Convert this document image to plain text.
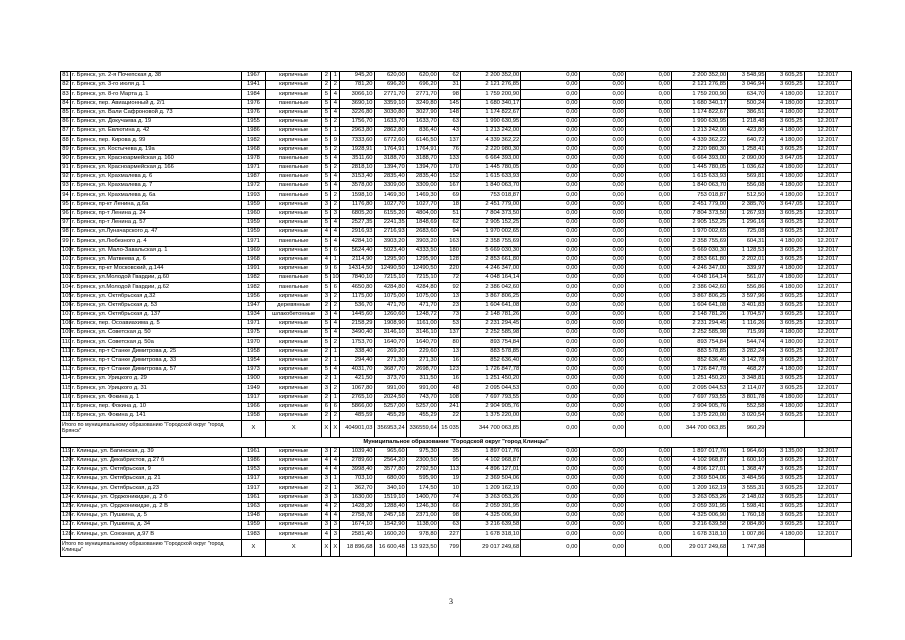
81	г. Брянск, ул. 2-я Почепская д. 38	1967	кирпичные	2	1	945,20	620,00	620,00	62	2 200 352,00	0,00	0,00	0,00	2 200 352,00	3 548,95	3 605,25	12.2017
82	г. Брянск, ул. 3-го июля д. 1	1941	кирпичные	2	2	781,20	696,20	696,20	31	2 121 276,85	0,00	0,00	0,00	2 121 276,85	3 046,94	3 605,25	12.2017
83	г. Брянск, ул. 8-го Марта д. 1	1984	кирпичные	5	4	3066,10	2771,70	2771,70	98	1 759 200,90	0,00	0,00	0,00	1 759 200,90	634,70	4 180,00	12.2017
84	г. Брянск, пер. Авиационный д. 2/1	1976	панельные	5	4	3690,10	3359,10	3249,80	145	1 680 340,17	0,00	0,00	0,00	1 680 340,17	500,24	4 180,00	12.2017
85	г. Брянск, ул. Вали Сафроновой д. 73	1976	кирпичные	5	4	3226,80	3030,80	3027,90	148	1 174 822,67	0,00	0,00	0,00	1 174 822,67	386,51	4 180,00	12.2017
86	г. Брянск, ул. Докучаева д. 19	1955	кирпичные	5	2	1756,70	1633,70	1633,70	63	1 990 630,95	0,00	0,00	0,00	1 990 630,95	1 218,48	3 605,25	12.2017
87	г. Брянск, ул. Евлютина д. 42	1986	кирпичные	5	1	2963,80	2862,80	836,40	43	1 213 242,00	0,00	0,00	0,00	1 213 242,00	423,80	4 180,00	12.2017
88	г. Брянск, пер. Кирова д. 99	1982	кирпичные	5	9	7333,60	6772,60	6146,50	137	4 339 362,22	0,00	0,00	0,00	4 339 362,22	640,72	4 180,00	12.2017
89	г. Брянск, ул. Костычева д. 19а	1968	кирпичные	5	2	1928,91	1764,91	1764,91	76	2 220 980,30	0,00	0,00	0,00	2 220 980,30	1 258,41	3 605,25	12.2017
90	г. Брянск, ул. Красноармейская д. 160	1978	панельные	5	4	3511,60	3188,70	3188,70	133	6 664 393,00	0,00	0,00	0,00	6 664 393,00	2 090,00	3 647,05	12.2017
91	г. Брянск, ул. Красноармейская д. 166	1971	панельные	5	2	2818,10	1394,70	1394,70	170	1 445 780,05	0,00	0,00	0,00	1 445 780,05	1 036,62	4 180,00	12.2017
92	г. Брянск, ул. Крахмалева д. 6	1987	панельные	5	4	3153,40	2835,40	2835,40	152	1 615 633,93	0,00	0,00	0,00	1 615 633,93	569,81	4 180,00	12.2017
93	г. Брянск, ул. Крахмалева д. 7	1972	панельные	5	4	3578,00	3309,00	3309,00	167	1 840 063,70	0,00	0,00	0,00	1 840 063,70	556,08	4 180,00	12.2017
94	г. Брянск, ул. Крахмалева д. 6а	1993	панельные	5	2	1598,10	1469,30	1469,30	69	753 018,87	0,00	0,00	0,00	753 018,87	512,50	4 180,00	12.2017
95	г. Брянск, пр-кт Ленина, д.6а	1959	кирпичные	3	2	1176,80	1027,70	1027,70	18	2 451 779,00	0,00	0,00	0,00	2 451 779,00	2 385,70	3 647,05	12.2017
96	г. Брянск, пр-т Ленина д. 24	1960	кирпичные	5	3	6805,20	6155,20	4804,00	51	7 804 373,50	0,00	0,00	0,00	7 804 373,50	1 267,93	3 605,25	12.2017
97	г. Брянск, пр-т Ленина д. 57	1959	кирпичные	5	4	2527,35	2241,35	1848,69	62	2 905 152,25	0,00	0,00	0,00	2 905 152,25	1 296,16	3 605,25	12.2017
98	г. Брянск, ул.Луначарского д. 47	1959	кирпичные	4	4	2916,93	2716,93	2683,60	94	1 970 002,65	0,00	0,00	0,00	1 970 002,65	725,08	3 605,25	12.2017
99	г. Брянск, ул.Любезного д. 4	1971	панельные	5	4	4284,10	3903,20	3903,20	163	2 358 755,69	0,00	0,00	0,00	2 358 755,69	604,31	4 180,00	12.2017
100	г. Брянск, ул. Мало-Завальская д. 1	1969	кирпичные	5	6	5624,40	5023,40	4333,50	180	5 669 030,30	0,00	0,00	0,00	5 669 030,30	1 128,53	3 605,25	12.2017
101	г. Брянск, ул. Матвеева д. 6	1968	кирпичные	4	1	2114,90	1295,90	1295,90	128	2 853 661,80	0,00	0,00	0,00	2 853 661,80	2 202,01	3 605,25	12.2017
102	г. Брянск, пр-кт Московский, д.144	1991	кирпичные	9	6	14314,50	12490,50	12490,50	220	4 246 347,00	0,00	0,00	0,00	4 246 347,00	339,97	4 180,00	12.2017
103	г. Брянск, ул.Молодой Гвардии, д.60	1982	панельные	5	10	7840,10	7215,10	7215,10	72	4 048 164,14	0,00	0,00	0,00	4 048 164,14	561,07	4 180,00	12.2017
104	г. Брянск, ул.Молодой Гвардии, д.62	1982	панельные	5	6	4650,80	4284,80	4284,80	92	2 386 042,60	0,00	0,00	0,00	2 386 042,60	556,86	4 180,00	12.2017
105	г. Брянск, ул. Октябрьская д.32	1956	кирпичные	3	2	1175,00	1075,00	1075,00	13	3 867 806,25	0,00	0,00	0,00	3 867 806,25	3 597,96	3 605,25	12.2017
106	г. Брянск, ул. Октябрьская д. 53	1947	деревянные	2	2	536,70	471,70	471,70	23	1 604 641,08	0,00	0,00	0,00	1 604 641,08	3 401,83	3 605,25	12.2017
107	г. Брянск, ул. Октябрьская д. 137	1934	шлакобетонные	3	4	1445,60	1260,60	1248,72	73	2 148 781,26	0,00	0,00	0,00	2 148 781,26	1 704,57	3 605,25	12.2017
108	г. Брянск, пер. Осоавиахима д. 5	1971	кирпичные	5	4	2158,29	1908,90	1161,00	53	2 231 294,45	0,00	0,00	0,00	2 231 294,45	1 116,26	3 605,25	12.2017
109	г. Брянск, ул. Советская д. 50	1975	кирпичные	5	4	3490,40	3146,10	3146,10	137	2 252 585,98	0,00	0,00	0,00	2 252 585,98	715,99	4 180,00	12.2017
110	г. Брянск, ул. Советская д. 50а	1970	кирпичные	5	2	1753,70	1640,70	1640,70	80	893 754,84	0,00	0,00	0,00	893 754,84	544,74	4 180,00	12.2017
111	г. Брянск, пр-т Станке Димитрова д. 25	1958	кирпичные	2	1	338,40	269,20	229,60	13	883 578,85	0,00	0,00	0,00	883 578,85	3 282,24	3 605,25	12.2017
112	г. Брянск, пр-т Станке Димитрова д. 33	1954	кирпичные	2	1	294,40	271,30	271,30	16	852 636,40	0,00	0,00	0,00	852 636,40	3 142,78	3 605,25	12.2017
113	г. Брянск, пр-т Станке Димитрова д. 57	1973	кирпичные	5	4	4031,70	3687,70	2698,70	123	1 726 847,78	0,00	0,00	0,00	1 726 847,78	468,27	4 180,00	12.2017
114	г. Брянск, ул. Урицкого д. 29	1900	кирпичные	2	1	421,50	373,70	311,50	16	1 251 450,20	0,00	0,00	0,00	1 251 450,20	3 348,81	3 605,25	12.2017
115	г. Брянск, ул. Урицкого д. 31	1949	кирпичные	3	2	1067,80	991,00	991,00	48	2 095 044,53	0,00	0,00	0,00	2 095 044,53	2 114,07	3 605,25	12.2017
116	г. Брянск, ул. Фокина д. 1	1917	кирпичные	2	1	2765,10	2024,50	743,70	108	7 697 793,55	0,00	0,00	0,00	7 697 793,55	3 801,78	4 180,00	12.2017
117	г. Брянск, пер. Фокина д. 10	1966	кирпичные	6	6	5866,00	5257,00	5257,00	241	2 904 905,76	0,00	0,00	0,00	2 904 905,76	552,58	4 180,00	12.2017
118	г. Брянск, ул. Фокина д. 141	1958	кирпичные	2	2	485,59	455,29	455,29	22	1 375 220,00	0,00	0,00	0,00	1 375 220,00	3 020,54	3 605,25	12.2017
Итого по муниципальному образованию "Городской округ "город Брянск"		X	X	X	X	404901,03	356953,24	336559,64	15 035	344 700 063,85	0,00	0,00	0,00	344 700 063,85	960,29		
Муниципальное образование "Городской округ "город Клинцы"																	
119	г. Клинцы, ул. Багинская, д. 39	1961	кирпичные	3	2	1039,40	965,60	975,30	35	1 897 017,76	0,00	0,00	0,00	1 897 017,76	1 964,60	3 135,00	12.2017
120	г. Клинцы, ул. Декабристов, д.27 б	1986	кирпичные	4	4	2789,60	2564,20	2300,50	95	4 102 968,87	0,00	0,00	0,00	4 102 968,87	1 600,10	3 605,25	12.2017
121	г. Клинцы, ул. Октябрьская, 9	1953	кирпичные	4	4	3998,40	3577,80	2792,50	113	4 896 127,01	0,00	0,00	0,00	4 896 127,01	1 368,47	3 605,25	12.2017
122	г. Клинцы, ул. Октябрьская, д. 21	1917	кирпичные	3	1	703,10	680,00	595,90	19	2 369 504,06	0,00	0,00	0,00	2 369 504,06	3 484,56	3 605,25	12.2017
123	г. Клинцы, ул. Октябрьская, д.23	1917	кирпичные	2	1	362,70	340,10	174,50	10	1 209 162,19	0,00	0,00	0,00	1 209 162,19	3 555,31	3 605,25	12.2017
124	г. Клинцы, ул. Орджоникидзе, д. 2 б	1961	кирпичные	3	3	1630,00	1519,10	1400,70	74	3 263 053,26	0,00	0,00	0,00	3 263 053,26	2 148,02	3 605,25	12.2017
125	г. Клинцы, ул. Орджоникидзе, д. 2 В	1963	кирпичные	4	2	1428,20	1288,40	1246,30	66	2 059 391,95	0,00	0,00	0,00	2 059 391,95	1 598,41	3 605,25	12.2017
126	г. Клинцы, ул. Пушкина, д. 5	1948	кирпичные	4	4	2758,78	2457,18	2371,00	98	4 325 006,90	0,00	0,00	0,00	4 325 006,90	1 760,18	3 605,25	12.2017
127	г. Клинцы, ул. Пушкина, д. 34	1959	кирпичные	3	3	1674,10	1542,90	1138,00	63	3 216 639,58	0,00	0,00	0,00	3 216 639,58	2 084,80	3 605,25	12.2017
128	г. Клинцы, ул. Союзная, д.97 В	1983	кирпичные	4	3	2581,40	1600,20	978,80	227	1 678 318,10	0,00	0,00	0,00	1 678 318,10	1 007,86	4 180,00	12.2017
Итого по муниципальному образованию "Городской округ "город Клинцы"		X	X	X	X	18 896,68	16 600,48	13 923,50	799	29 017 249,68	0,00	0,00	0,00	29 017 249,68	1 747,98		
3
